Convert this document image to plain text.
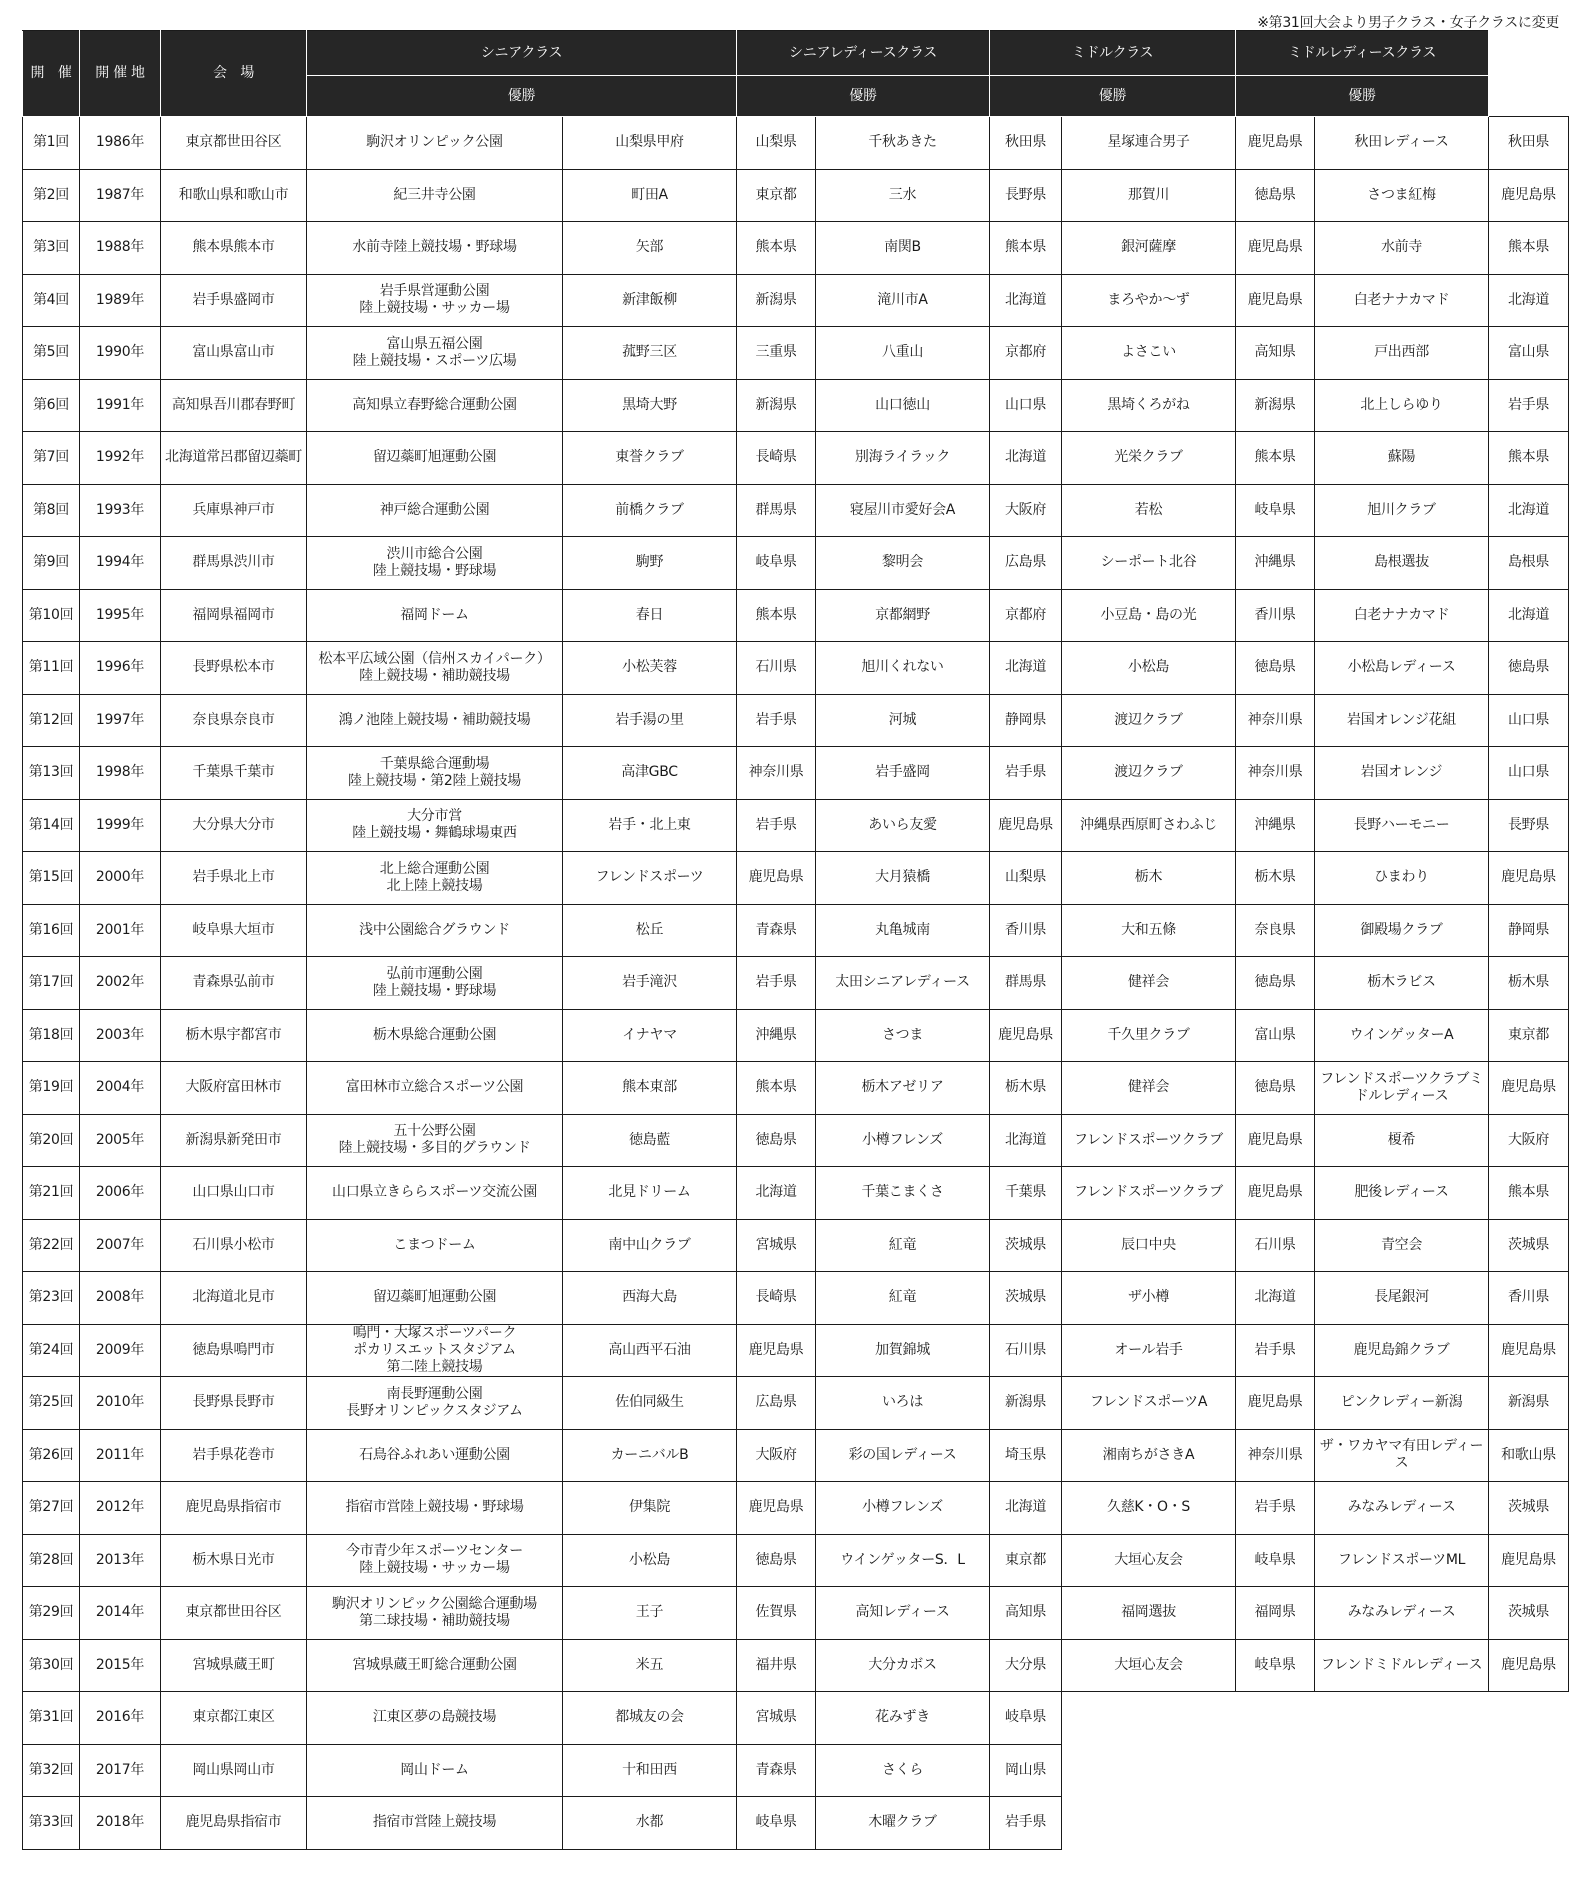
※第31回大会より男子クラス・女子クラスに変更
開　催	開 催 地	会　場	シニアクラス		シニアレディースクラス		ミドルクラス		ミドルレディースクラス		
			優勝		優勝		優勝		優勝		
第1回	1986年	東京都世田谷区	駒沢オリンピック公園	山梨県甲府	山梨県	千秋あきた	秋田県	星塚連合男子	鹿児島県	秋田レディース	秋田県
第2回	1987年	和歌山県和歌山市	紀三井寺公園	町田A	東京都	三水	長野県	那賀川	徳島県	さつま紅梅	鹿児島県
第3回	1988年	熊本県熊本市	水前寺陸上競技場・野球場	矢部	熊本県	南関B	熊本県	銀河薩摩	鹿児島県	水前寺	熊本県
第4回	1989年	岩手県盛岡市	岩手県営運動公園
陸上競技場・サッカー場	新津飯柳	新潟県	滝川市A	北海道	まろやか～ず	鹿児島県	白老ナナカマド	北海道
第5回	1990年	富山県富山市	富山県五福公園
陸上競技場・スポーツ広場	菰野三区	三重県	八重山	京都府	よさこい	高知県	戸出西部	富山県
第6回	1991年	高知県吾川郡春野町	高知県立春野総合運動公園	黒埼大野	新潟県	山口徳山	山口県	黒埼くろがね	新潟県	北上しらゆり	岩手県
第7回	1992年	北海道常呂郡留辺蘂町	留辺蘂町旭運動公園	東誉クラブ	長崎県	別海ライラック	北海道	光栄クラブ	熊本県	蘇陽	熊本県
第8回	1993年	兵庫県神戸市	神戸総合運動公園	前橋クラブ	群馬県	寝屋川市愛好会A	大阪府	若松	岐阜県	旭川クラブ	北海道
第9回	1994年	群馬県渋川市	渋川市総合公園
陸上競技場・野球場	駒野	岐阜県	黎明会	広島県	シーポート北谷	沖縄県	島根選抜	島根県
第10回	1995年	福岡県福岡市	福岡ドーム	春日	熊本県	京都網野	京都府	小豆島・島の光	香川県	白老ナナカマド	北海道
第11回	1996年	長野県松本市	松本平広域公園（信州スカイパーク）
陸上競技場・補助競技場	小松芙蓉	石川県	旭川くれない	北海道	小松島	徳島県	小松島レディース	徳島県
第12回	1997年	奈良県奈良市	鴻ノ池陸上競技場・補助競技場	岩手湯の里	岩手県	河城	静岡県	渡辺クラブ	神奈川県	岩国オレンジ花組	山口県
第13回	1998年	千葉県千葉市	千葉県総合運動場
陸上競技場・第2陸上競技場	高津GBC	神奈川県	岩手盛岡	岩手県	渡辺クラブ	神奈川県	岩国オレンジ	山口県
第14回	1999年	大分県大分市	大分市営
陸上競技場・舞鶴球場東西	岩手・北上東	岩手県	あいら友愛	鹿児島県	沖縄県西原町さわふじ	沖縄県	長野ハーモニー	長野県
第15回	2000年	岩手県北上市	北上総合運動公園
北上陸上競技場	フレンドスポーツ	鹿児島県	大月猿橋	山梨県	栃木	栃木県	ひまわり	鹿児島県
第16回	2001年	岐阜県大垣市	浅中公園総合グラウンド	松丘	青森県	丸亀城南	香川県	大和五條	奈良県	御殿場クラブ	静岡県
第17回	2002年	青森県弘前市	弘前市運動公園
陸上競技場・野球場	岩手滝沢	岩手県	太田シニアレディース	群馬県	健祥会	徳島県	栃木ラビス	栃木県
第18回	2003年	栃木県宇都宮市	栃木県総合運動公園	イナヤマ	沖縄県	さつま	鹿児島県	千久里クラブ	富山県	ウインゲッターA	東京都
第19回	2004年	大阪府富田林市	富田林市立総合スポーツ公園	熊本東部	熊本県	栃木アゼリア	栃木県	健祥会	徳島県	フレンドスポーツクラブミドルレディース	鹿児島県
第20回	2005年	新潟県新発田市	五十公野公園
陸上競技場・多目的グラウンド	徳島藍	徳島県	小樽フレンズ	北海道	フレンドスポーツクラブ	鹿児島県	榎希	大阪府
第21回	2006年	山口県山口市	山口県立きららスポーツ交流公園	北見ドリーム	北海道	千葉こまくさ	千葉県	フレンドスポーツクラブ	鹿児島県	肥後レディース	熊本県
第22回	2007年	石川県小松市	こまつドーム	南中山クラブ	宮城県	紅竜	茨城県	辰口中央	石川県	青空会	茨城県
第23回	2008年	北海道北見市	留辺蘂町旭運動公園	西海大島	長崎県	紅竜	茨城県	ザ小樽	北海道	長尾銀河	香川県
第24回	2009年	徳島県鳴門市	鳴門・大塚スポーツパーク
ポカリスエットスタジアム
第二陸上競技場	高山西平石油	鹿児島県	加賀錦城	石川県	オール岩手	岩手県	鹿児島錦クラブ	鹿児島県
第25回	2010年	長野県長野市	南長野運動公園
長野オリンピックスタジアム	佐伯同級生	広島県	いろは	新潟県	フレンドスポーツA	鹿児島県	ピンクレディー新潟	新潟県
第26回	2011年	岩手県花巻市	石鳥谷ふれあい運動公園	カーニバルB	大阪府	彩の国レディース	埼玉県	湘南ちがさきA	神奈川県	ザ・ワカヤマ有田レディース	和歌山県
第27回	2012年	鹿児島県指宿市	指宿市営陸上競技場・野球場	伊集院	鹿児島県	小樽フレンズ	北海道	久慈K・O・S	岩手県	みなみレディース	茨城県
第28回	2013年	栃木県日光市	今市青少年スポーツセンター
陸上競技場・サッカー場	小松島	徳島県	ウインゲッターS．L	東京都	大垣心友会	岐阜県	フレンドスポーツML	鹿児島県
第29回	2014年	東京都世田谷区	駒沢オリンピック公園総合運動場
第二球技場・補助競技場	王子	佐賀県	高知レディース	高知県	福岡選抜	福岡県	みなみレディース	茨城県
第30回	2015年	宮城県蔵王町	宮城県蔵王町総合運動公園	米五	福井県	大分カボス	大分県	大垣心友会	岐阜県	フレンドミドルレディース	鹿児島県
第31回	2016年	東京都江東区	江東区夢の島競技場	都城友の会	宮城県	花みずき	岐阜県				
第32回	2017年	岡山県岡山市	岡山ドーム	十和田西	青森県	さくら	岡山県				
第33回	2018年	鹿児島県指宿市	指宿市営陸上競技場	水都	岐阜県	木曜クラブ	岩手県				
